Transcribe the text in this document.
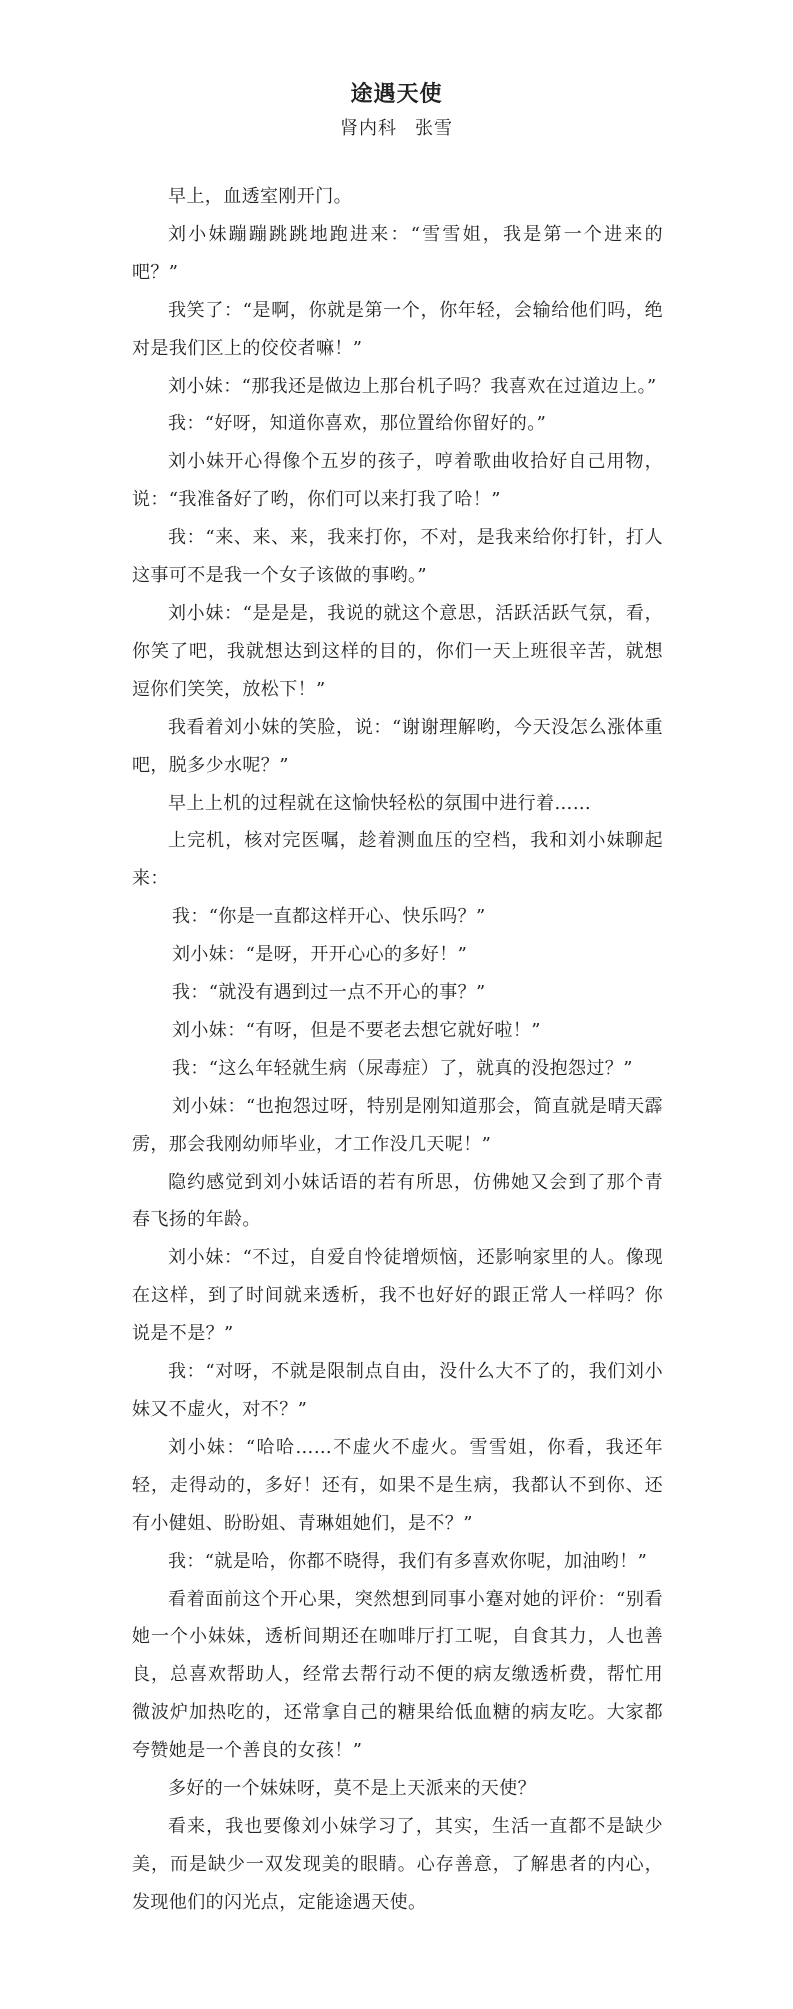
途遇天使
肾内科 张雪

早上，血透室刚开门。

刘小妹蹦蹦跳跳地跑进来：“雪雪姐，我是第一个进来的吧？”

我笑了：“是啊，你就是第一个，你年轻，会输给他们吗，绝对是我们区上的佼佼者嘛！”

刘小妹：“那我还是做边上那台机子吗？我喜欢在过道边上。”

我：“好呀，知道你喜欢，那位置给你留好的。”

刘小妹开心得像个五岁的孩子，哼着歌曲收拾好自己用物，说：“我准备好了哟，你们可以来打我了哈！”

我：“来、来、来，我来打你，不对，是我来给你打针，打人这事可不是我一个女子该做的事哟。”

刘小妹：“是是是，我说的就这个意思，活跃活跃气氛，看，你笑了吧，我就想达到这样的目的，你们一天上班很辛苦，就想逗你们笑笑，放松下！”

我看着刘小妹的笑脸，说：“谢谢理解哟，今天没怎么涨体重吧，脱多少水呢？”

早上上机的过程就在这愉快轻松的氛围中进行着……

上完机，核对完医嘱，趁着测血压的空档，我和刘小妹聊起来：

我：“你是一直都这样开心、快乐吗？”

刘小妹：“是呀，开开心心的多好！”

我：“就没有遇到过一点不开心的事？”

刘小妹：“有呀，但是不要老去想它就好啦！”

我：“这么年轻就生病（尿毒症）了，就真的没抱怨过？”

刘小妹：“也抱怨过呀，特别是刚知道那会，简直就是晴天霹雳，那会我刚幼师毕业，才工作没几天呢！”

隐约感觉到刘小妹话语的若有所思，仿佛她又会到了那个青春飞扬的年龄。

刘小妹：“不过，自爱自怜徒增烦恼，还影响家里的人。像现在这样，到了时间就来透析，我不也好好的跟正常人一样吗？你说是不是？”

我：“对呀，不就是限制点自由，没什么大不了的，我们刘小妹又不虚火，对不？”

刘小妹：“哈哈……不虚火不虚火。雪雪姐，你看，我还年轻，走得动的，多好！还有，如果不是生病，我都认不到你、还有小健姐、盼盼姐、青琳姐她们，是不？”

我：“就是哈，你都不晓得，我们有多喜欢你呢，加油哟！”

看着面前这个开心果，突然想到同事小蹇对她的评价：“别看她一个小妹妹，透析间期还在咖啡厅打工呢，自食其力，人也善良，总喜欢帮助人，经常去帮行动不便的病友缴透析费，帮忙用微波炉加热吃的，还常拿自己的糖果给低血糖的病友吃。大家都夸赞她是一个善良的女孩！”

多好的一个妹妹呀，莫不是上天派来的天使？

看来，我也要像刘小妹学习了，其实，生活一直都不是缺少美，而是缺少一双发现美的眼睛。心存善意，了解患者的内心，发现他们的闪光点，定能途遇天使。
